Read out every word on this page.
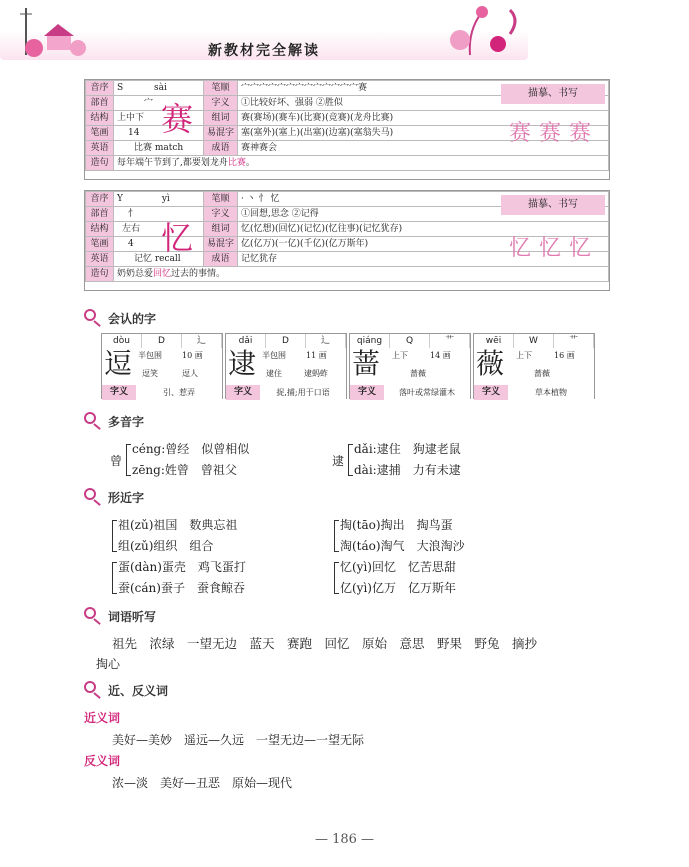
新教材完全解读
音序	S sài	笔顺	宀宀宀宀宀宀宀宀宀宀宀宀宀赛
部首	宀	字义	①比较好坏、强弱 ②胜似
结构	上中下	组词	赛(赛场)(赛车)(比赛)(竞赛)(龙舟比赛)
笔画	14	易混字	塞(塞外)(塞上)(出塞)(边塞)(塞翁失马)
英语	比赛 match	成语	赛神赛会
造句	每年端午节到了,都要划龙舟比赛。		
赛
描摹、书写
赛赛赛
音序	Y yì	笔顺	· 丶 忄 忆
部首	忄	字义	①回想,思念 ②记得
结构	左右	组词	忆(忆想)(回忆)(记忆)(忆往事)(记忆犹存)
笔画	4	易混字	亿(亿万)(一亿)(千亿)(亿万斯年)
英语	记忆 recall	成语	记忆犹存
造句	奶奶总爱回忆过去的事情。		
忆
描摹、书写
忆忆忆
会认的字
dòu	D	辶
逗 半包围	10 画
逗笑	逗人
字义	引、惹弄
dǎi	D	辶
逮 半包围	11 画
逮住	逮蚂蚱
字义	捉,捕;用于口语
qiáng	Q	艹
蔷 上下	14 画
蔷薇
字义	落叶或常绿灌木
wēi	W	艹
薇 上下	16 画
蔷薇
字义	草本植物
多音字
曾
céng:曾经　似曾相似
zēng:姓曾　曾祖父
逮
dǎi:逮住　狗逮老鼠
dài:逮捕　力有未逮
形近字
祖(zǔ)祖国　数典忘祖
组(zǔ)组织　组合
掏(tāo)掏出　掏鸟蛋
淘(táo)淘气　大浪淘沙
蛋(dàn)蛋壳　鸡飞蛋打
蚕(cán)蚕子　蚕食鲸吞
忆(yì)回忆　忆苦思甜
亿(yì)亿万　亿万斯年
词语听写
祖先　浓绿　一望无边　蓝天　赛跑　回忆　原始　意思　野果　野兔　摘抄
掏心
近、反义词
近义词
美好—美妙　遥远—久远　一望无边—一望无际
反义词
浓—淡　美好—丑恶　原始—现代
— 186 —
